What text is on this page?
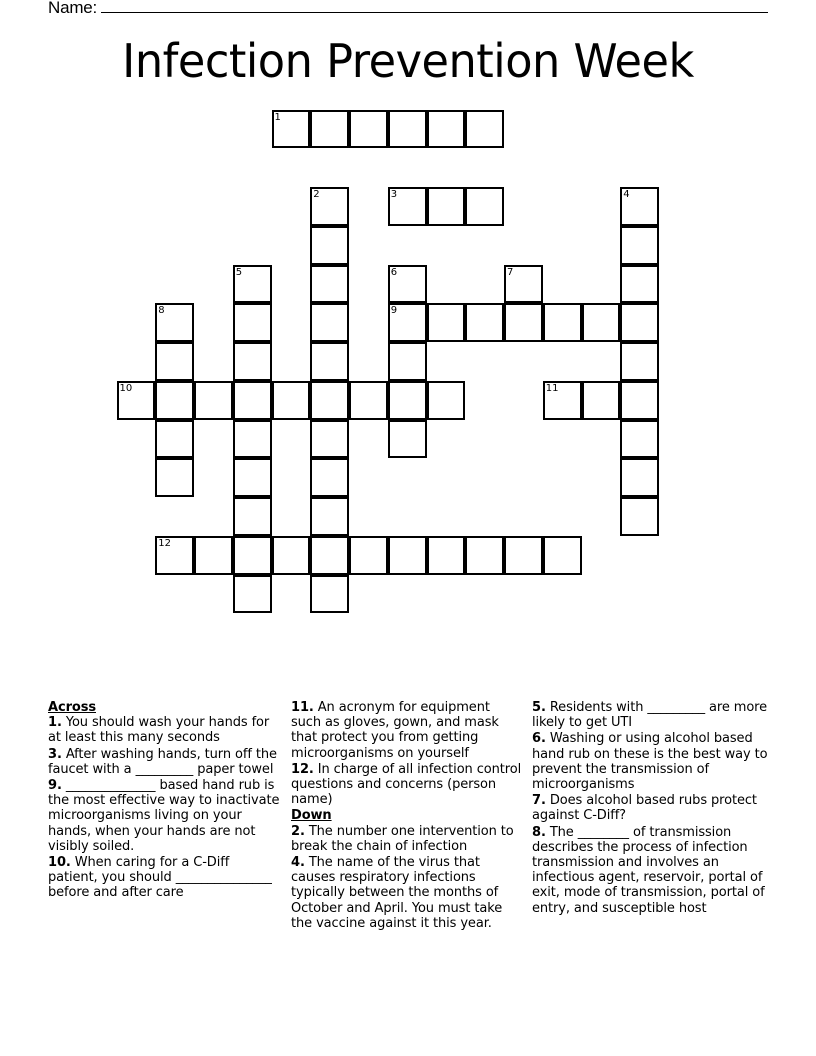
Name:
Infection Prevention Week
1
2	3	4
5	6
9
7
8
10	11
12
Across
1. You should wash your hands for at least this many seconds
3. After washing hands, turn off the faucet with a _________ paper towel
9. ______________ based hand rub is the most effective way to inactivate microorganisms living on your hands, when your hands are not visibly soiled.
10. When caring for a C-Diff patient, you should _______________ before and after care
11. An acronym for equipment such as gloves, gown, and mask that protect you from getting microorganisms on yourself
12. In charge of all infection control questions and concerns (person name)
Down
2. The number one intervention to break the chain of infection
4. The name of the virus that causes respiratory infections typically between the months of October and April. You must take the vaccine against it this year.
5. Residents with _________ are more likely to get UTI
6. Washing or using alcohol based hand rub on these is the best way to prevent the transmission of microorganisms
7. Does alcohol based rubs protect against C-Diff?
8. The ________ of transmission describes the process of infection transmission and involves an infectious agent, reservoir, portal of exit, mode of transmission, portal of entry, and susceptible host
